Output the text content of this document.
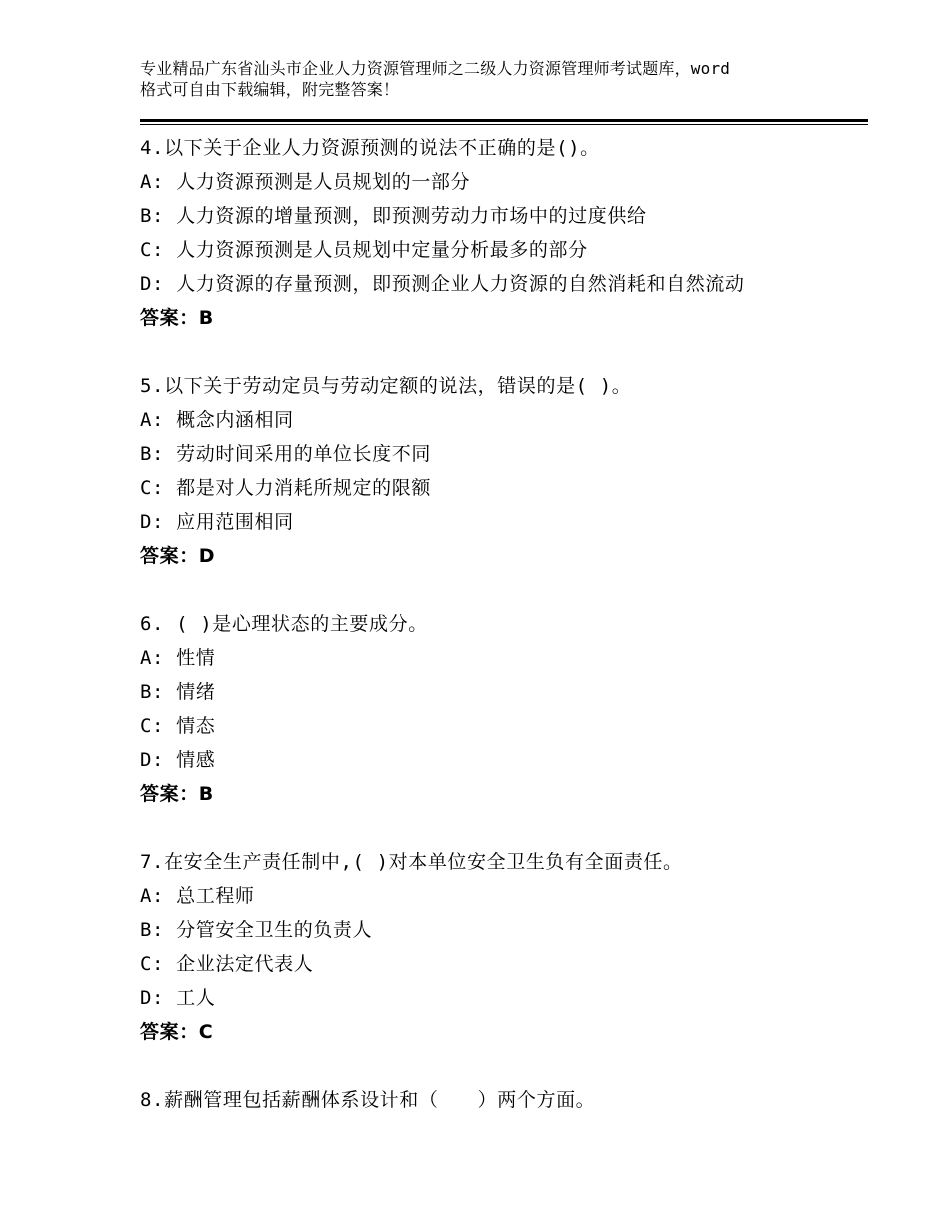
专业精品广东省汕头市企业人力资源管理师之二级人力资源管理师考试题库，word
格式可自由下载编辑，附完整答案！
4.以下关于企业人力资源预测的说法不正确的是()。
A: 人力资源预测是人员规划的一部分
B: 人力资源的增量预测，即预测劳动力市场中的过度供给
C: 人力资源预测是人员规划中定量分析最多的部分
D: 人力资源的存量预测，即预测企业人力资源的自然消耗和自然流动
答案：B
5.以下关于劳动定员与劳动定额的说法，错误的是( )。
A: 概念内涵相同
B: 劳动时间采用的单位长度不同
C: 都是对人力消耗所规定的限额
D: 应用范围相同
答案：D
6. ( )是心理状态的主要成分。
A: 性情
B: 情绪
C: 情态
D: 情感
答案：B
7.在安全生产责任制中,( )对本单位安全卫生负有全面责任。
A: 总工程师
B: 分管安全卫生的负责人
C: 企业法定代表人
D: 工人
答案：C
8.薪酬管理包括薪酬体系设计和（　　）两个方面。
